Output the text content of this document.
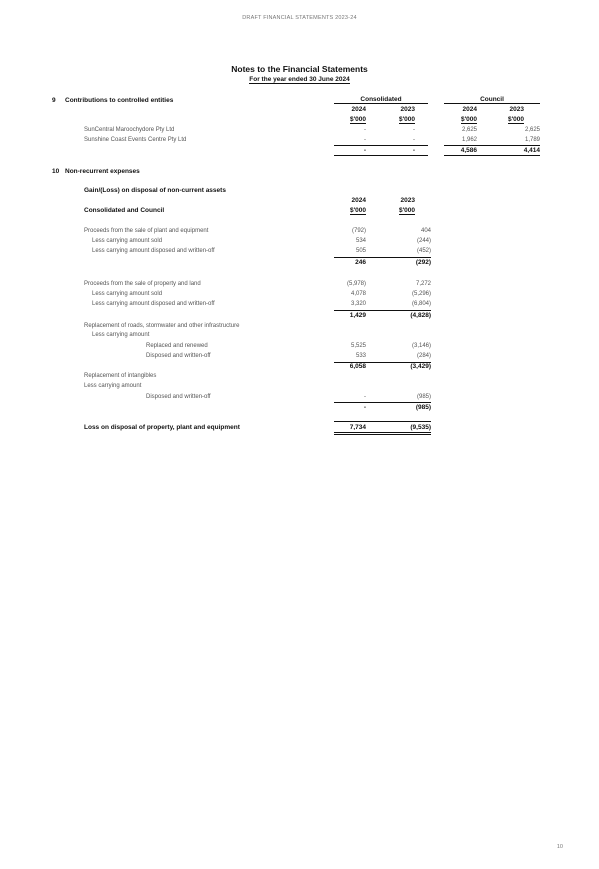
DRAFT FINANCIAL STATEMENTS 2023-24
Notes to the Financial Statements
For the year ended 30 June 2024
9 Contributions to controlled entities	Consolidated	Council
2024	2023	2024	2023
$'000	$'000	$'000	$'000
SunCentral Maroochydore Pty Ltd	-	-	2,625	2,625
Sunshine Coast Events Centre Pty Ltd	-	-	1,962	1,789
-	-	4,586	4,414
10 Non-recurrent expenses
Gain/(Loss) on disposal of non-current assets
2024	2023
Consolidated and Council	$'000	$'000
Proceeds from the sale of plant and equipment	(792)	404
Less carrying amount sold	534	(244)
Less carrying amount disposed and written-off	505	(452)
246	(292)
Proceeds from the sale of property and land	(5,978)	7,272
Less carrying amount sold	4,078	(5,296)
Less carrying amount disposed and written-off	3,320	(6,804)
1,429	(4,828)
Replacement of roads, stormwater and other infrastructure
Less carrying amount
Replaced and renewed	5,525	(3,146)
Disposed and written-off	533	(284)
6,058	(3,429)
Replacement of intangibles
Less carrying amount
Disposed and written-off	-	(985)
-	(985)
Loss on disposal of property, plant and equipment	7,734	(9,535)
10
